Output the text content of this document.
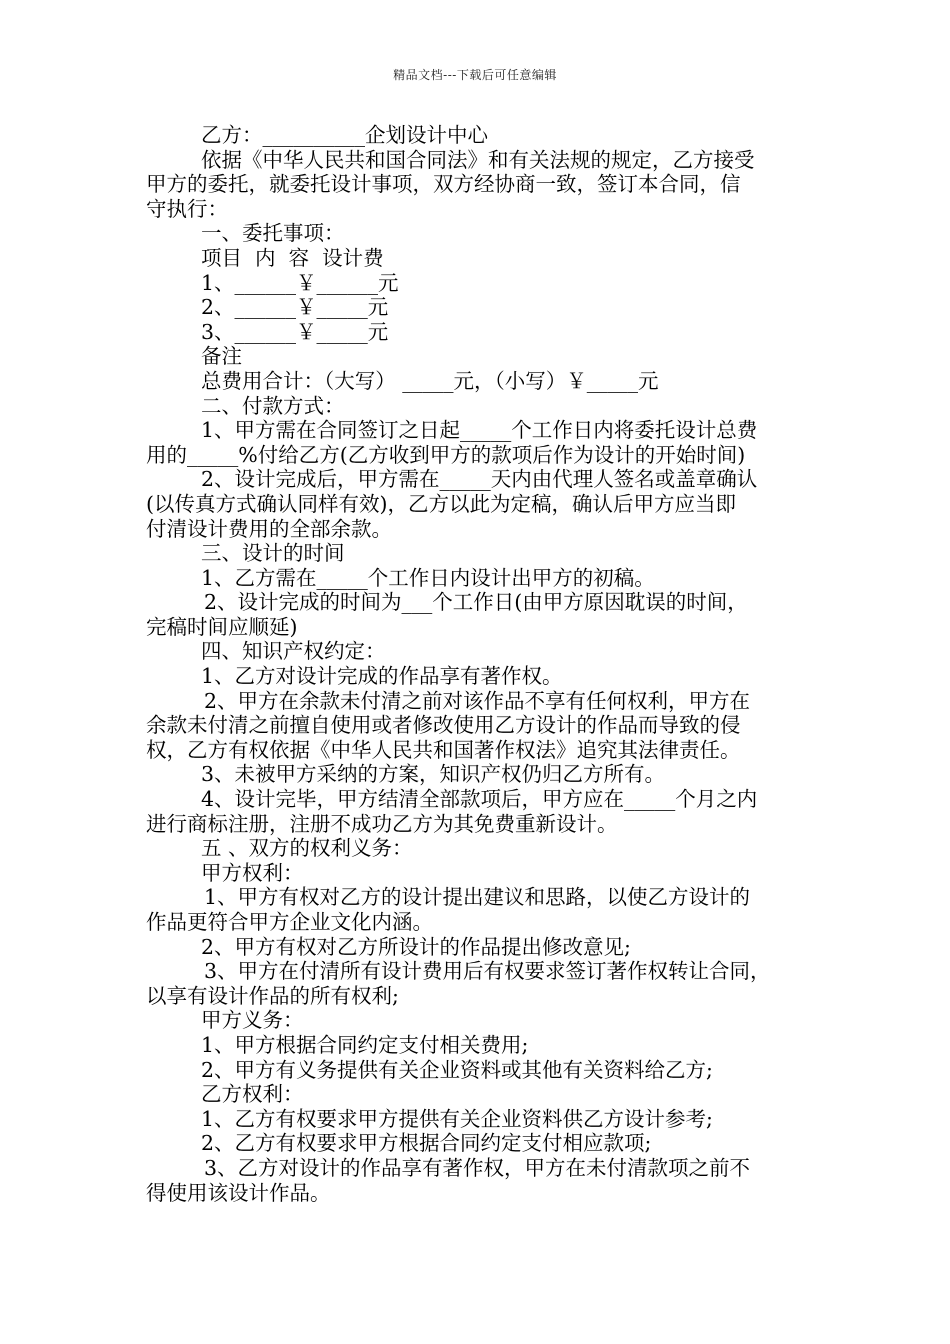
精品文档---下载后可任意编辑
乙方：__________企划设计中心
依据《中华人民共和国合同法》和有关法规的规定，乙方接受
甲方的委托，就委托设计事项，双方经协商一致，签订本合同，信
守执行：
一、委托事项：
项目  内  容  设计费
1、______￥______元
2、______￥_____元
3、______￥_____元
备注
总费用合计：（大写） _____元，（小写）￥_____元
二、付款方式：
1、甲方需在合同签订之日起_____个工作日内将委托设计总费
用的_____%付给乙方(乙方收到甲方的款项后作为设计的开始时间)
2、设计完成后，甲方需在_____天内由代理人签名或盖章确认
(以传真方式确认同样有效)，乙方以此为定稿，确认后甲方应当即
付清设计费用的全部余款。
三、设计的时间
1、乙方需在_____个工作日内设计出甲方的初稿。
2、设计完成的时间为___个工作日(由甲方原因耽误的时间，
完稿时间应顺延)
四、知识产权约定：
1、乙方对设计完成的作品享有著作权。
2、甲方在余款未付清之前对该作品不享有任何权利，甲方在
余款未付清之前擅自使用或者修改使用乙方设计的作品而导致的侵
权，乙方有权依据《中华人民共和国著作权法》追究其法律责任。
3、未被甲方采纳的方案，知识产权仍归乙方所有。
4、设计完毕，甲方结清全部款项后，甲方应在_____个月之内
进行商标注册，注册不成功乙方为其免费重新设计。
五 、双方的权利义务：
甲方权利：
1、甲方有权对乙方的设计提出建议和思路，以使乙方设计的
作品更符合甲方企业文化内涵。
2、甲方有权对乙方所设计的作品提出修改意见;
3、甲方在付清所有设计费用后有权要求签订著作权转让合同，
以享有设计作品的所有权利;
甲方义务：
1、甲方根据合同约定支付相关费用;
2、甲方有义务提供有关企业资料或其他有关资料给乙方;
乙方权利：
1、乙方有权要求甲方提供有关企业资料供乙方设计参考;
2、乙方有权要求甲方根据合同约定支付相应款项;
3、乙方对设计的作品享有著作权，甲方在未付清款项之前不
得使用该设计作品。
